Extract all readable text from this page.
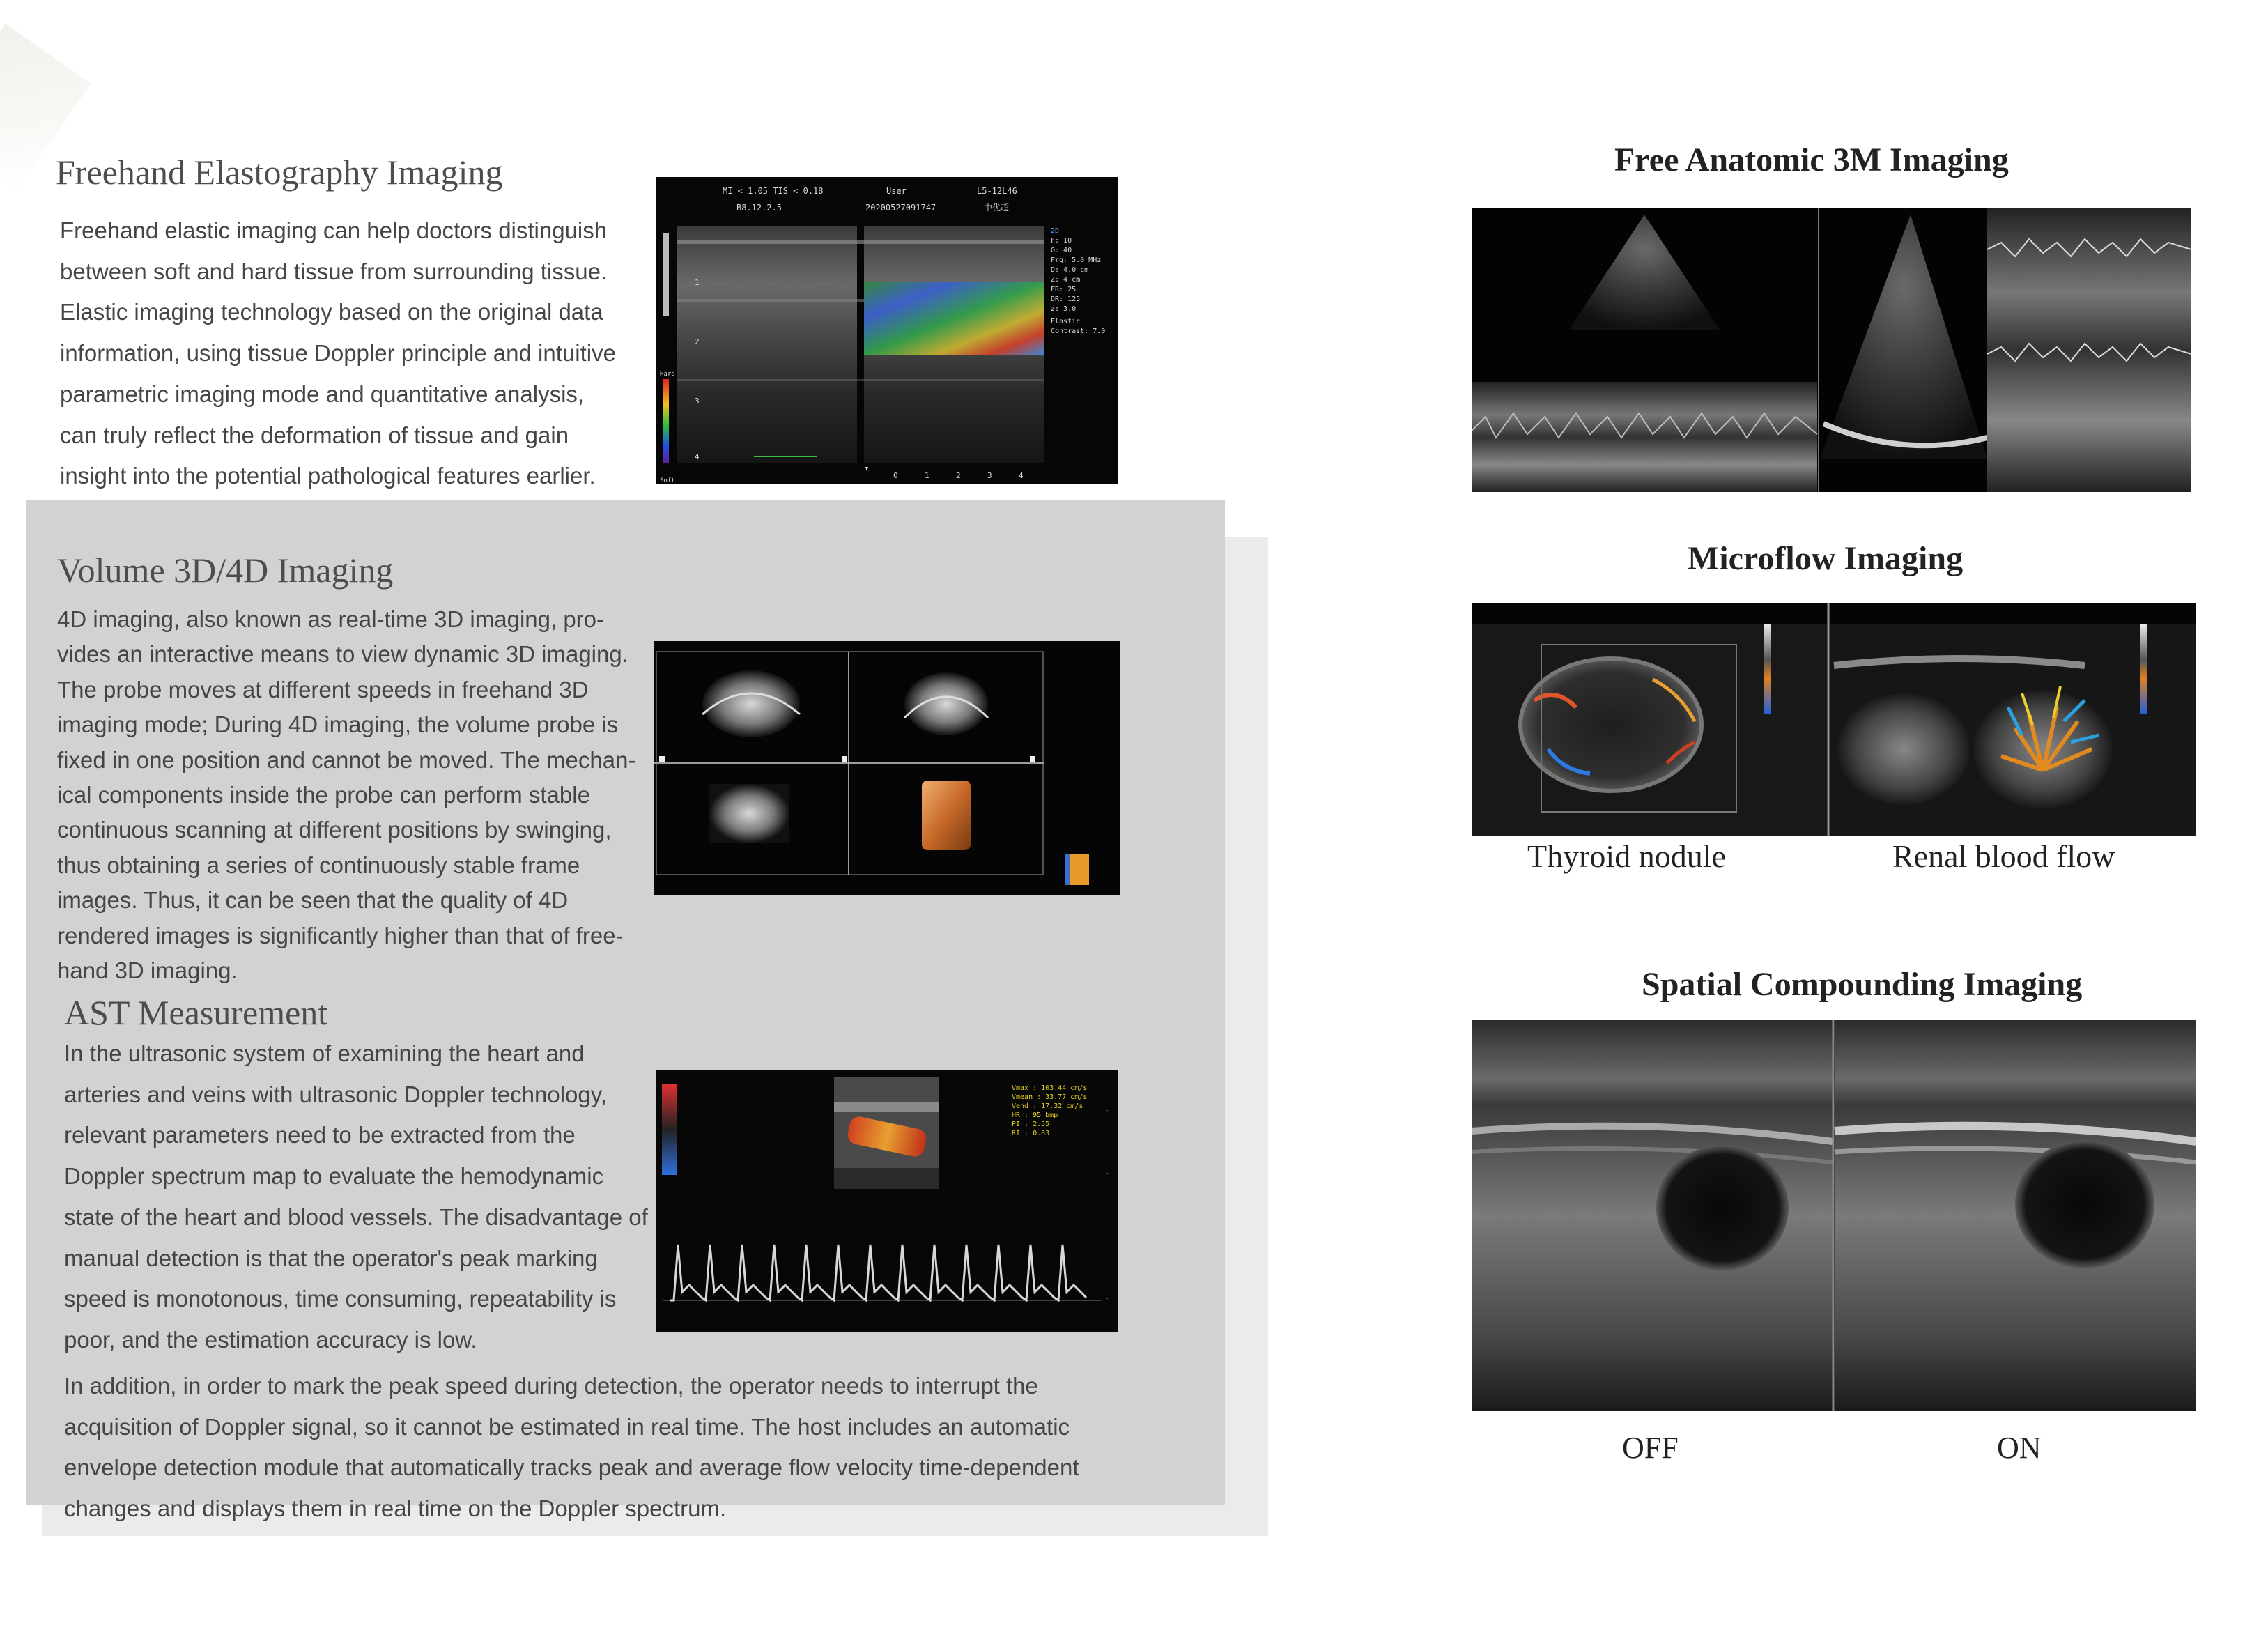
Freehand Elastography Imaging
Freehand elastic imaging can help doctors distinguish
between soft and hard tissue from surrounding tissue.
Elastic imaging technology based on the original data
information, using tissue Doppler principle and intuitive
parametric imaging mode and quantitative analysis,
can truly reflect the deformation of tissue and gain
insight into the potential pathological features earlier.
MI < 1.05 TIS < 0.18	User	L5-12L46
B8.12.2.5	20200527091747	中优超
2D
F: 10
G: 40
Frq: 5.0 MHz
D: 4.0 cm
Z: 4 cm
FR: 25
DR: 125
z: 3.0
Elastic
Contrast: 7.0
Hard
Soft
1
2
3
4
0	1	2	3	4
Volume 3D/4D Imaging
4D imaging, also known as real-time 3D imaging, pro-
vides an interactive means to view dynamic 3D imaging.
The probe moves at different speeds in freehand 3D
imaging mode; During 4D imaging, the volume probe is
fixed in one position and cannot be moved. The mechan-
ical components inside the probe can perform stable
continuous scanning at different positions by swinging,
thus obtaining a series of continuously stable frame
images. Thus, it can be seen that the quality of 4D
rendered images is significantly higher than that of free-
hand 3D imaging.
AST Measurement
In the ultrasonic system of examining the heart and
arteries and veins with ultrasonic Doppler technology,
relevant parameters need to be extracted from the
Doppler spectrum map to evaluate the hemodynamic
state of the heart and blood vessels. The disadvantage of
manual detection is that the operator's peak marking
speed is monotonous, time consuming, repeatability is
poor, and the estimation accuracy is low.
In addition, in order to mark the peak speed during detection, the operator needs to interrupt the
acquisition of Doppler signal, so it cannot be estimated in real time. The host includes an automatic
envelope detection module that automatically tracks peak and average flow velocity time-dependent
changes and displays them in real time on the Doppler spectrum.
Vmax : 103.44 cm/s
Vmean : 33.77 cm/s
Vend : 17.32 cm/s
HR : 95 bmp
PI : 2.55
RI : 0.83
-
-
-
-
Free Anatomic 3M Imaging
Microflow Imaging
Thyroid nodule	Renal blood flow
Spatial Compounding Imaging
OFF	ON
